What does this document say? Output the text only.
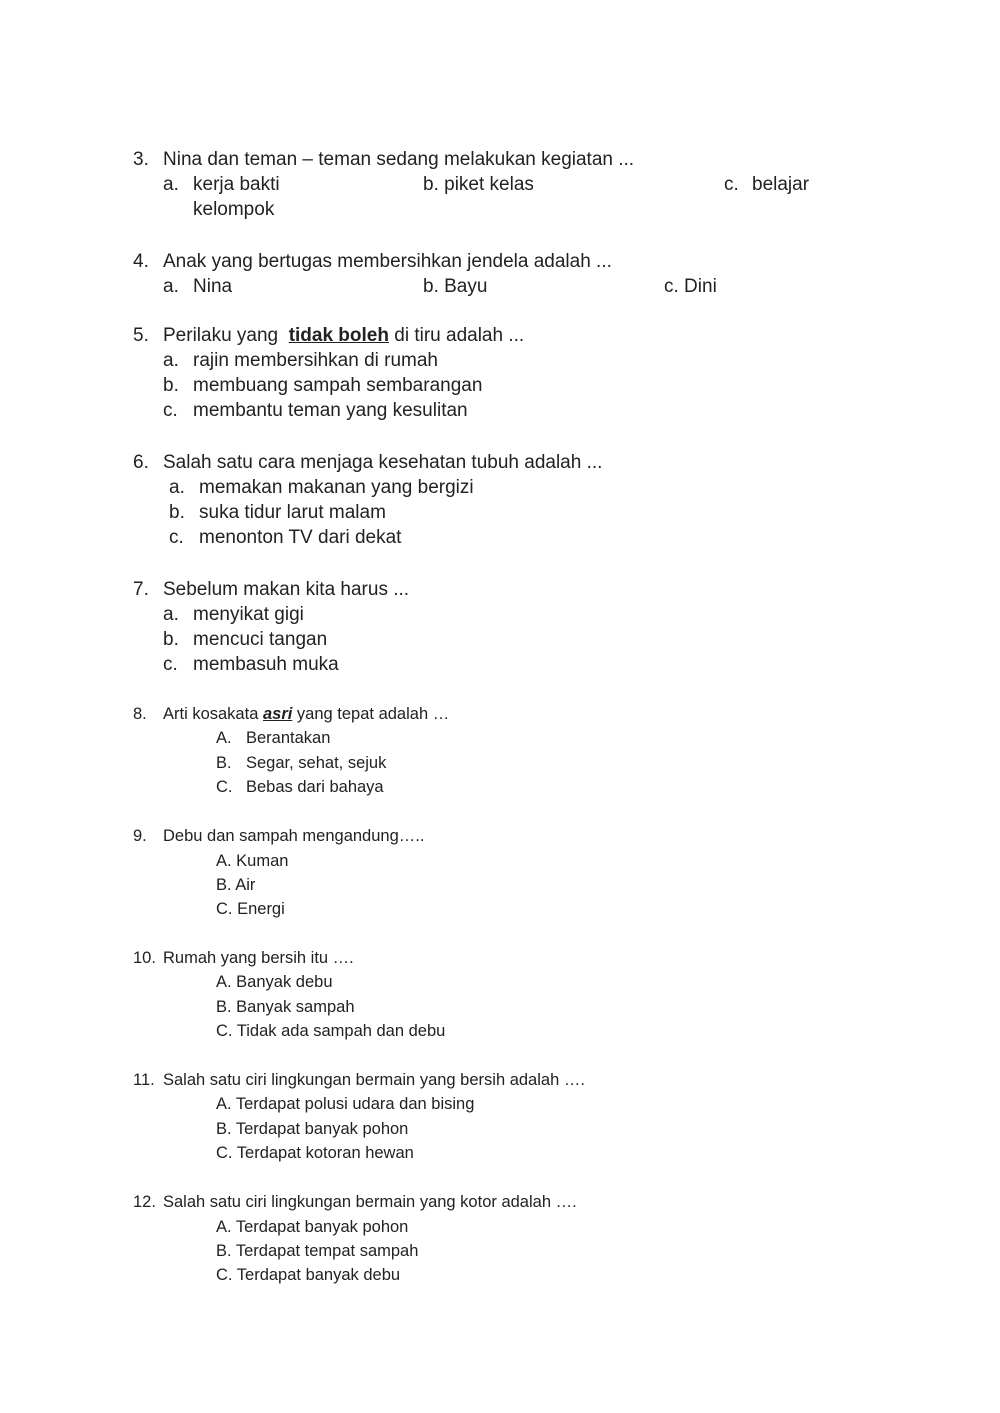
3. Nina dan teman – teman sedang melakukan kegiatan ...
a. kerja bakti	b. piket kelas	c. belajar
kelompok
4. Anak yang bertugas membersihkan jendela adalah ...
a. Nina	b. Bayu	c. Dini
5. Perilaku yang tidak boleh di tiru adalah ...
a. rajin membersihkan di rumah
b. membuang sampah sembarangan
c. membantu teman yang kesulitan
6. Salah satu cara menjaga kesehatan tubuh adalah ...
a. memakan makanan yang bergizi
b. suka tidur larut malam
c. menonton TV dari dekat
7. Sebelum makan kita harus ...
a. menyikat gigi
b. mencuci tangan
c. membasuh muka
8. Arti kosakata asri yang tepat adalah …
A. Berantakan
B. Segar, sehat, sejuk
C. Bebas dari bahaya
9. Debu dan sampah mengandung…..
A. Kuman
B. Air
C. Energi
10. Rumah yang bersih itu ….
A. Banyak debu
B. Banyak sampah
C. Tidak ada sampah dan debu
11. Salah satu ciri lingkungan bermain yang bersih adalah ….
A. Terdapat polusi udara dan bising
B. Terdapat banyak pohon
C. Terdapat kotoran hewan
12. Salah satu ciri lingkungan bermain yang kotor adalah ….
A. Terdapat banyak pohon
B. Terdapat tempat sampah
C. Terdapat banyak debu
